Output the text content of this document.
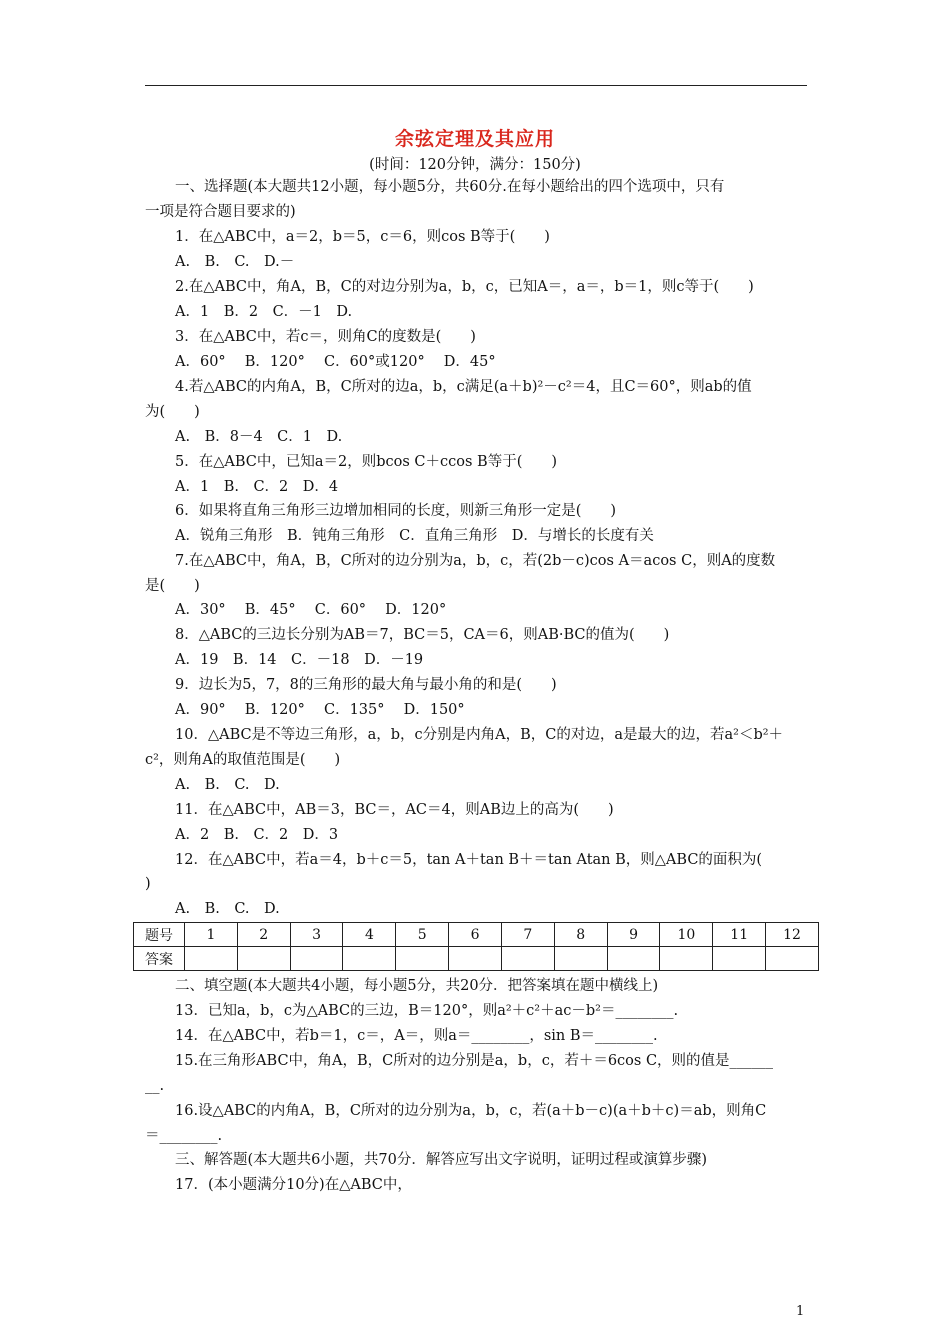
余弦定理及其应用
(时间：120分钟，满分：150分)
一、选择题(本大题共12小题，每小题5分，共60分.在每小题给出的四个选项中，只有
一项是符合题目要求的)
1．在△ABC中，a＝2，b＝5，c＝6，则cos B等于(　　)
A.　B.　C.　D.－
2.在△ABC中，角A，B，C的对边分别为a，b，c，已知A＝，a＝，b＝1，则c等于(　　)
A．1　B．2　C．－1　D.
3．在△ABC中，若c＝，则角C的度数是(　　)
A．60°　 B．120°　 C．60°或120°　 D．45°
4.若△ABC的内角A，B，C所对的边a，b，c满足(a＋b)²－c²＝4，且C＝60°，则ab的值
为(　　)
A.　B．8－4　C．1　D.
5．在△ABC中，已知a＝2，则bcos C＋ccos B等于(　　)
A．1　B.　C．2　D．4
6．如果将直角三角形三边增加相同的长度，则新三角形一定是(　　)
A．锐角三角形　B．钝角三角形　C．直角三角形　D．与增长的长度有关
7.在△ABC中，角A，B，C所对的边分别为a，b，c，若(2b－c)cos A＝acos C，则A的度数
是(　　)
A．30°　 B．45°　 C．60°　 D．120°
8．△ABC的三边长分别为AB＝7，BC＝5，CA＝6，则AB·BC的值为(　　)
A．19　B．14　C．－18　D．－19
9．边长为5，7，8的三角形的最大角与最小角的和是(　　)
A．90°　 B．120°　 C．135°　 D．150°
10．△ABC是不等边三角形，a，b，c分别是内角A，B，C的对边，a是最大的边，若a²＜b²＋
c²，则角A的取值范围是(　　)
A.　B.　C.　D.
11．在△ABC中，AB＝3，BC＝，AC＝4，则AB边上的高为(　　)
A．2　B.　C．2　D．3
12．在△ABC中，若a＝4，b＋c＝5，tan A＋tan B＋＝tan Atan B，则△ABC的面积为(
)
A.　B.　C.　D.
题号	1	2	3	4	5	6	7	8	9	10	11	12
答案												
二、填空题(本大题共4小题，每小题5分，共20分．把答案填在题中横线上)
13．已知a，b，c为△ABC的三边，B＝120°，则a²＋c²＋ac－b²＝________.
14．在△ABC中，若b＝1，c＝，A＝，则a＝________，sin B＝________.
15.在三角形ABC中，角A，B，C所对的边分别是a，b，c，若＋＝6cos C，则的值是______
__.
16.设△ABC的内角A，B，C所对的边分别为a，b，c，若(a＋b－c)(a＋b＋c)＝ab，则角C
＝________.
三、解答题(本大题共6小题，共70分．解答应写出文字说明，证明过程或演算步骤)
17．(本小题满分10分)在△ABC中，
1
